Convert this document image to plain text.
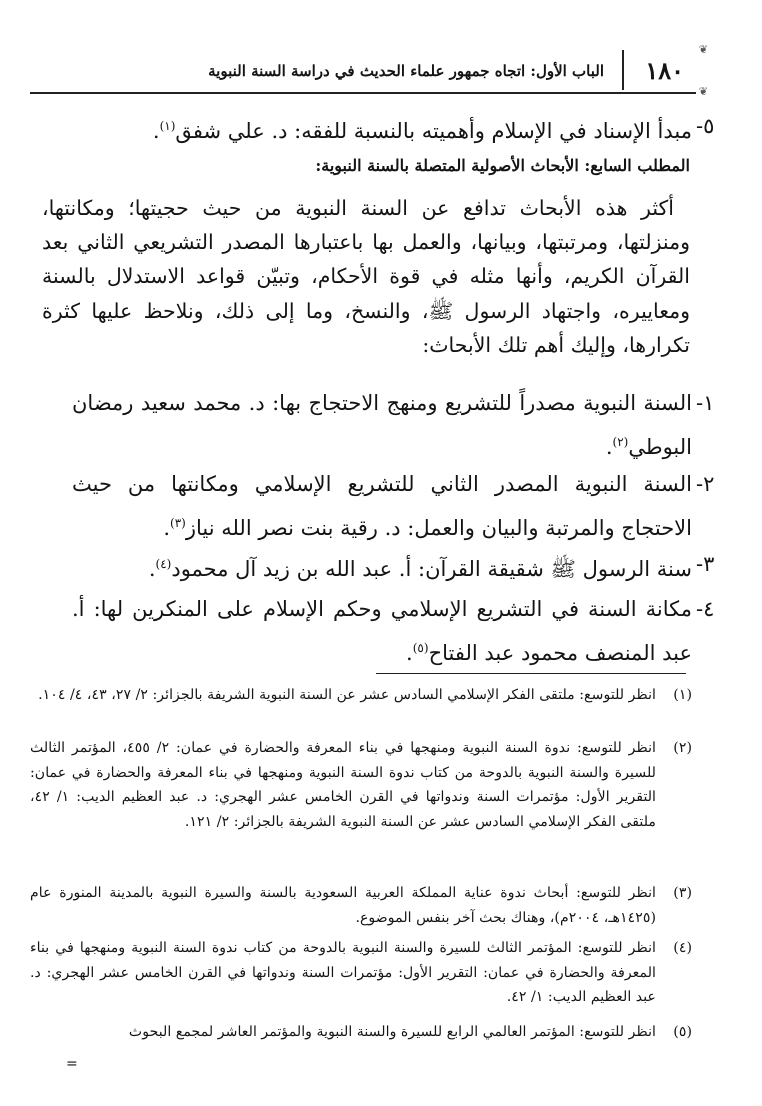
١٨٠
❦
❦
الباب الأول: اتجاه جمهور علماء الحديث في دراسة السنة النبوية
٥-
مبدأ الإسناد في الإسلام وأهميته بالنسبة للفقه: د. علي شفق$^{(١)}$.
المطلب السابع: الأبحاث الأصولية المتصلة بالسنة النبوية:
أكثر هذه الأبحاث تدافع عن السنة النبوية من حيث حجيتها؛ ومكانتها، ومنزلتها، ومرتبتها، وبيانها، والعمل بها باعتبارها المصدر التشريعي الثاني بعد القرآن الكريم، وأنها مثله في قوة الأحكام، وتبيّن قواعد الاستدلال بالسنة ومعاييره، واجتهاد الرسول ﷺ، والنسخ، وما إلى ذلك، ونلاحظ عليها كثرة تكرارها، وإليك أهم تلك الأبحاث:
١-
السنة النبوية مصدراً للتشريع ومنهج الاحتجاج بها: د. محمد سعيد رمضان البوطي$^{(٢)}$.
٢-
السنة النبوية المصدر الثاني للتشريع الإسلامي ومكانتها من حيث الاحتجاج والمرتبة والبيان والعمل: د. رقية بنت نصر الله نياز$^{(٣)}$.
٣-
سنة الرسول ﷺ شقيقة القرآن: أ. عبد الله بن زيد آل محمود$^{(٤)}$.
٤-
مكانة السنة في التشريع الإسلامي وحكم الإسلام على المنكرين لها: أ. عبد المنصف محمود عبد الفتاح$^{(٥)}$.
(١)
انظر للتوسع: ملتقى الفكر الإسلامي السادس عشر عن السنة النبوية الشريفة بالجزائر: ٢/ ٢٧، ٤٣، ٤/ ١٠٤.
(٢)
انظر للتوسع: ندوة السنة النبوية ومنهجها في بناء المعرفة والحضارة في عمان: ٢/ ٤٥٥، المؤتمر الثالث للسيرة والسنة النبوية بالدوحة من كتاب ندوة السنة النبوية ومنهجها في بناء المعرفة والحضارة في عمان: التقرير الأول: مؤتمرات السنة وندواتها في القرن الخامس عشر الهجري: د. عبد العظيم الديب: ١/ ٤٢، ملتقى الفكر الإسلامي السادس عشر عن السنة النبوية الشريفة بالجزائر: ٢/ ١٢١.
(٣)
انظر للتوسع: أبحاث ندوة عناية المملكة العربية السعودية بالسنة والسيرة النبوية بالمدينة المنورة عام (١٤٢٥هـ، ٢٠٠٤م)، وهناك بحث آخر بنفس الموضوع.
(٤)
انظر للتوسع: المؤتمر الثالث للسيرة والسنة النبوية بالدوحة من كتاب ندوة السنة النبوية ومنهجها في بناء المعرفة والحضارة في عمان: التقرير الأول: مؤتمرات السنة وندواتها في القرن الخامس عشر الهجري: د. عبد العظيم الديب: ١/ ٤٢.
(٥)
انظر للتوسع: المؤتمر العالمي الرابع للسيرة والسنة النبوية والمؤتمر العاشر لمجمع البحوث
=
